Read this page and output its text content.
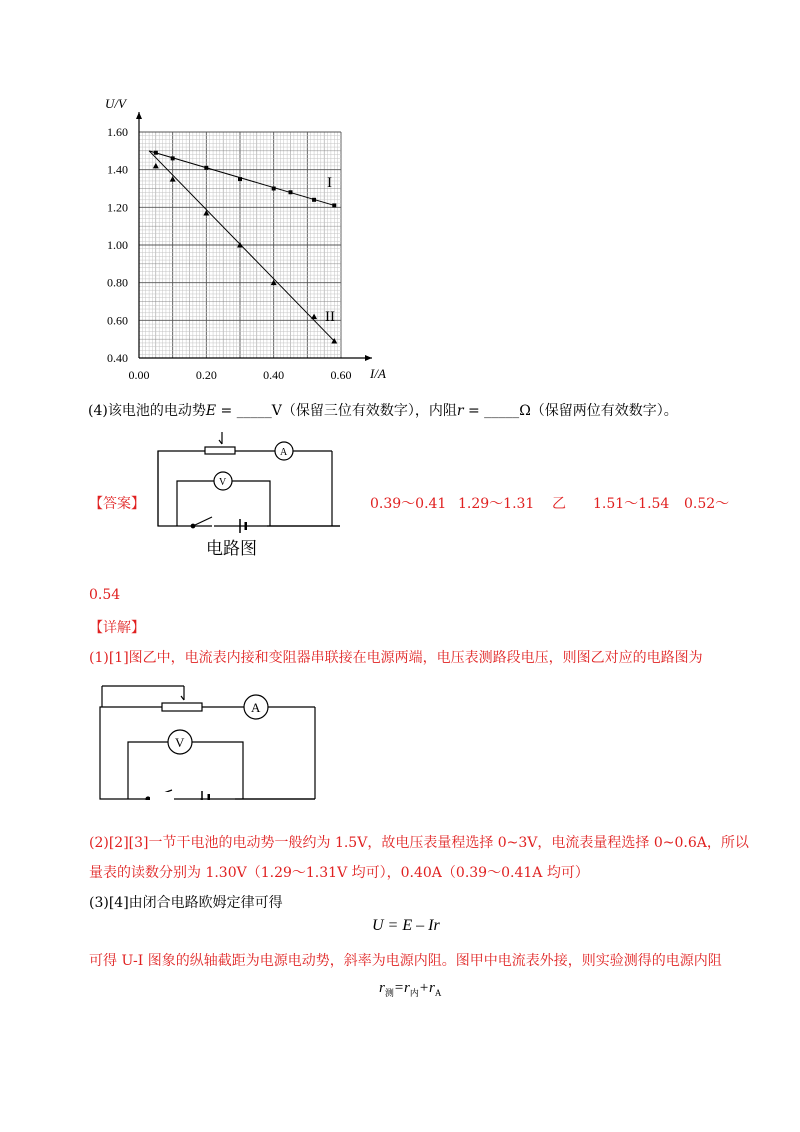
0.00	0.20	0.40	0.60
0.40
0.60
0.80
1.00
1.20
1.40
1.60
U/V
I/A
I
II
(4)该电池的电动势E = _____V（保留三位有效数字），内阻r = _____Ω（保留两位有效数字）。
A
V
电路图
【答案】	0.39～0.41 1.29～1.31 乙 1.51～1.54 0.52～
0.54
【详解】
(1)[1]图乙中，电流表内接和变阻器串联接在电源两端，电压表测路段电压，则图乙对应的电路图为
A
V
(2)[2][3]一节干电池的电动势一般约为 1.5V，故电压表量程选择 0~3V，电流表量程选择 0~0.6A，所以
量表的读数分别为 1.30V（1.29～1.31V 均可），0.40A（0.39～0.41A 均可）
(3)[4]由闭合电路欧姆定律可得
U = E – Ir
可得 U-I 图象的纵轴截距为电源电动势，斜率为电源内阻。图甲中电流表外接，则实验测得的电源内阻
$r_测=r_内+r_A$
